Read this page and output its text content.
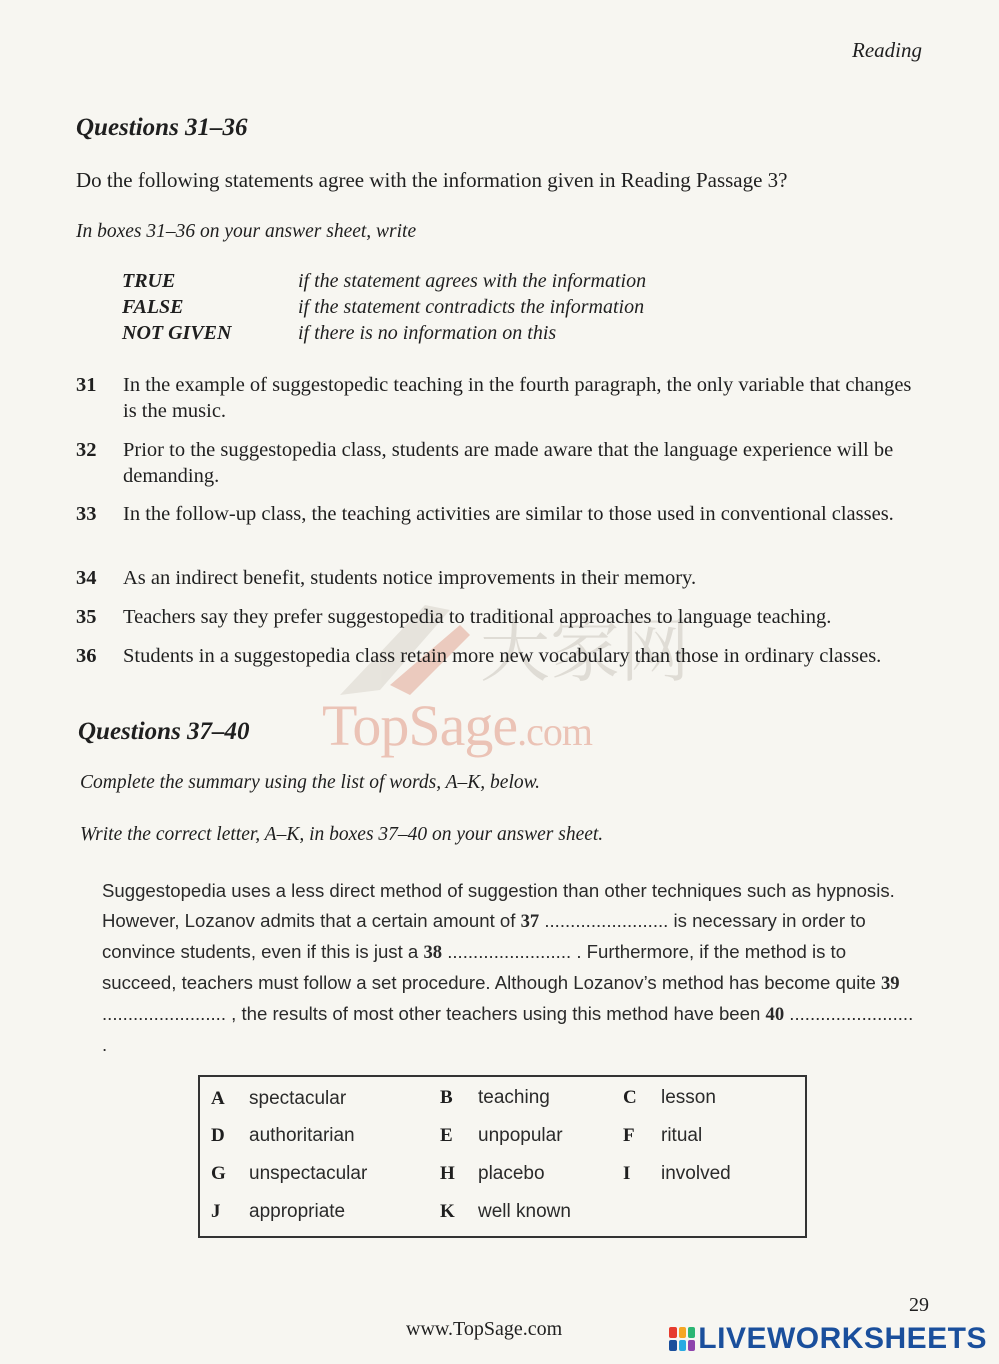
大家网
TopSage.com
Reading
Questions 31–36
Do the following statements agree with the information given in Reading Passage 3?
In boxes 31–36 on your answer sheet, write
TRUE	if the statement agrees with the information
FALSE	if the statement contradicts the information
NOT GIVEN	if there is no information on this
31	In the example of suggestopedic teaching in the fourth paragraph, the only variable that changes is the music.
32	Prior to the suggestopedia class, students are made aware that the language experience will be demanding.
33	In the follow-up class, the teaching activities are similar to those used in conventional classes.
34	As an indirect benefit, students notice improvements in their memory.
35	Teachers say they prefer suggestopedia to traditional approaches to language teaching.
36	Students in a suggestopedia class retain more new vocabulary than those in ordinary classes.
Questions 37–40
Complete the summary using the list of words, A–K, below.
Write the correct letter, A–K, in boxes 37–40 on your answer sheet.
Suggestopedia uses a less direct method of suggestion than other techniques such as hypnosis. However, Lozanov admits that a certain amount of 37 ........................ is necessary in order to convince students, even if this is just a 38 ........................ . Furthermore, if the method is to succeed, teachers must follow a set procedure. Although Lozanov’s method has become quite 39 ........................ , the results of most other teachers using this method have been 40 ........................ .
A	spectacular	B	teaching	C	lesson
D	authoritarian	E	unpopular	F	ritual
G	unspectacular	H	placebo	I	involved
J	appropriate	K	well known
29
www.TopSage.com	LIVEWORKSHEETS
